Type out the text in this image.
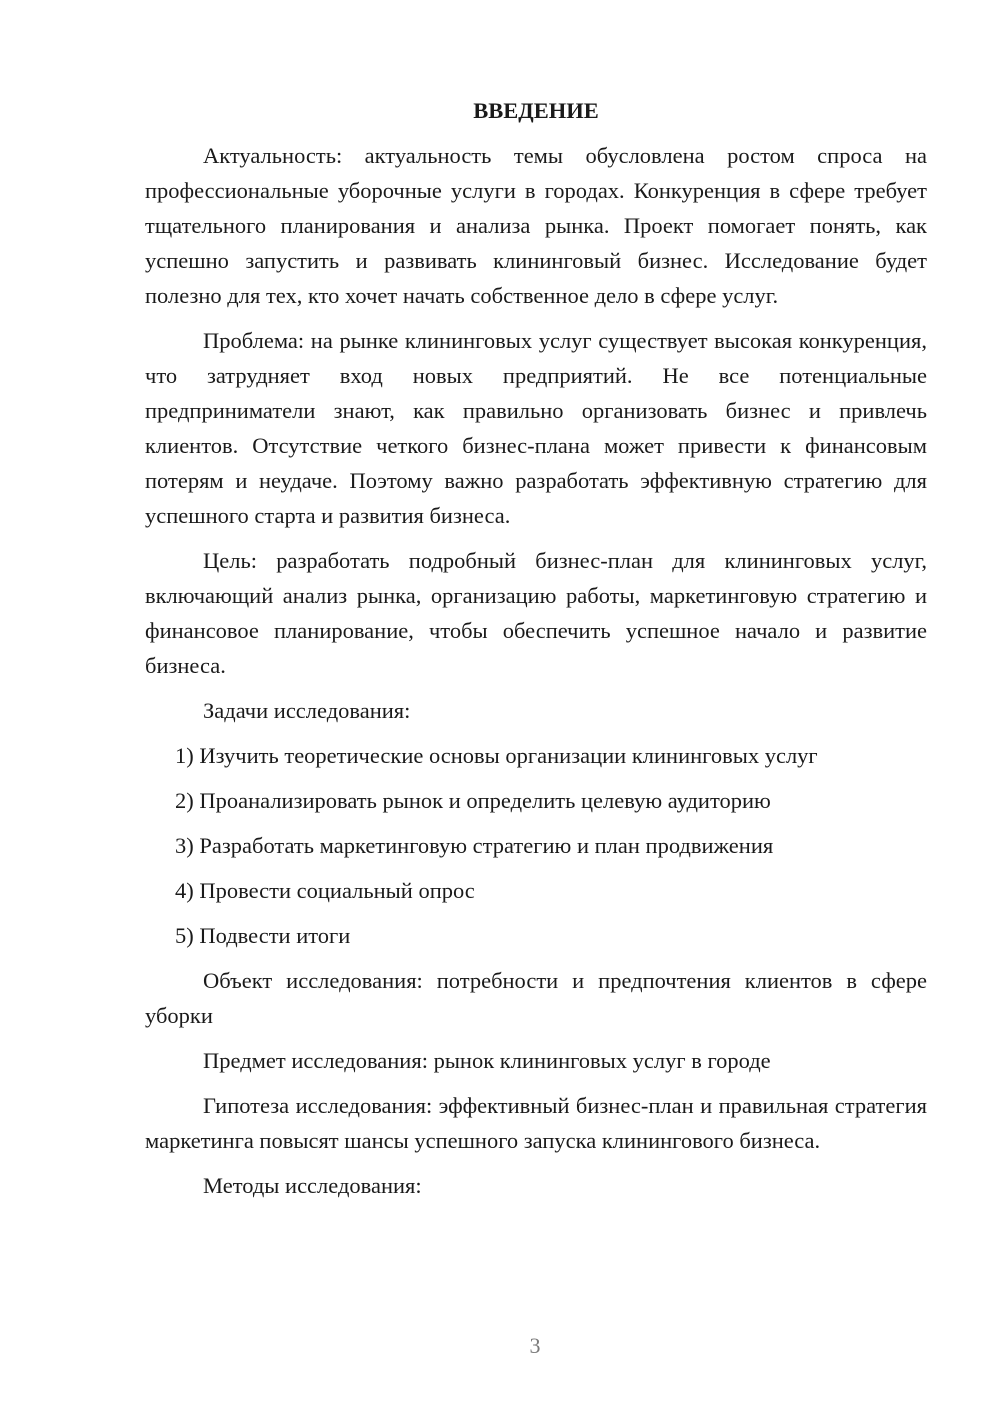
ВВЕДЕНИЕ

Актуальность: актуальность темы обусловлена ростом спроса на профессиональные уборочные услуги в городах. Конкуренция в сфере требует тщательного планирования и анализа рынка. Проект помогает понять, как успешно запустить и развивать клининговый бизнес. Исследование будет полезно для тех, кто хочет начать собственное дело в сфере услуг.

Проблема: на рынке клининговых услуг существует высокая конкуренция, что затрудняет вход новых предприятий. Не все потенциальные предприниматели знают, как правильно организовать бизнес и привлечь клиентов. Отсутствие четкого бизнес-плана может привести к финансовым потерям и неудаче. Поэтому важно разработать эффективную стратегию для успешного старта и развития бизнеса.

Цель: разработать подробный бизнес-план для клининговых услуг, включающий анализ рынка, организацию работы, маркетинговую стратегию и финансовое планирование, чтобы обеспечить успешное начало и развитие бизнеса.

Задачи исследования:

1) Изучить теоретические основы организации клининговых услуг
2) Проанализировать рынок и определить целевую аудиторию
3) Разработать маркетинговую стратегию и план продвижения
4) Провести социальный опрос
5) Подвести итоги

Объект исследования: потребности и предпочтения клиентов в сфере уборки

Предмет исследования: рынок клининговых услуг в городе

Гипотеза исследования: эффективный бизнес-план и правильная стратегия маркетинга повысят шансы успешного запуска клинингового бизнеса.

Методы исследования:

3
